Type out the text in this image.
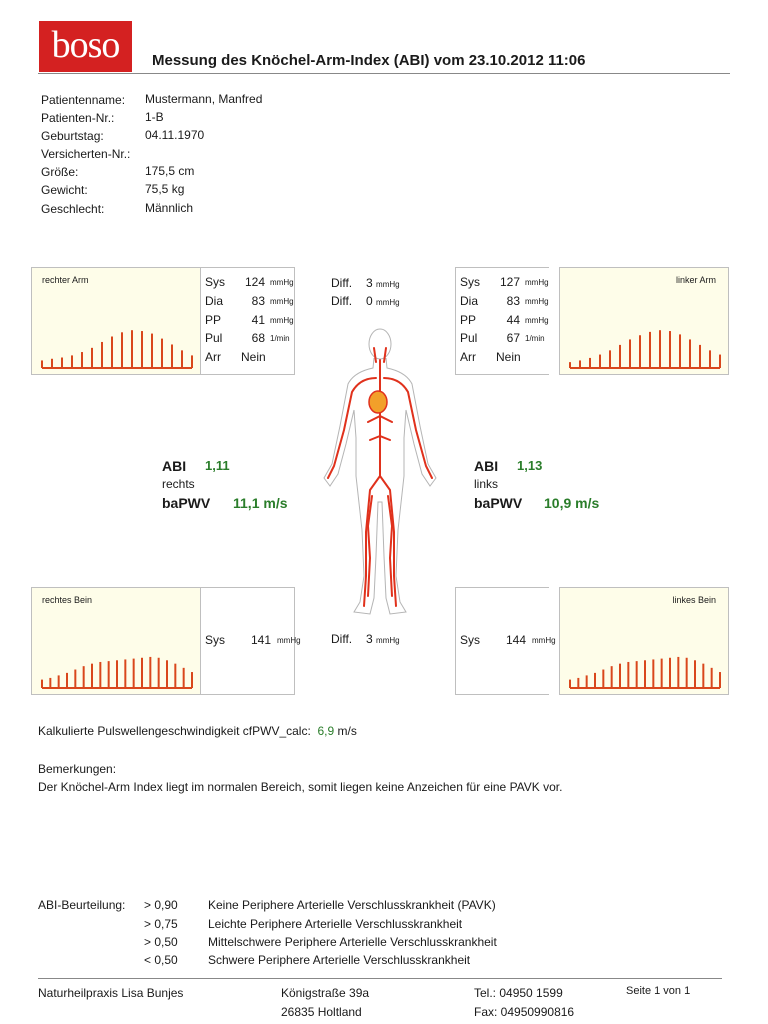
boso	Messung des Knöchel-Arm-Index (ABI) vom 23.10.2012 11:06
Patientenname: Mustermann, Manfred
Patienten-Nr.:	1-B
Geburtstag:	04.11.1970
Versicherten-Nr.:
Größe:	175,5 cm
Gewicht:	75,5 kg
Geschlecht:	Männlich
rechter Arm	Sys	124 mmHg
Dia	83 mmHg
PP	41 mmHg
Pul	68 1/min
Arr Nein
Sys	127 mmHg
Dia	83 mmHg
PP	44 mmHg
Pul	67 1/min
Arr Nein
linker Arm
Diff. 3 mmHg
Diff. 0 mmHg
ABI 1,11
rechts
baPWV 11,1 m/s
ABI 1,13
links
baPWV 10,9 m/s
rechtes Bein
Sys	141 mmHg	Sys	144 mmHg
linkes Bein
Diff. 3 mmHg
Kalkulierte Pulswellengeschwindigkeit cfPWV_calc: 6,9 m/s
Bemerkungen:
Der Knöchel-Arm Index liegt im normalen Bereich, somit liegen keine Anzeichen für eine PAVK vor.
ABI-Beurteilung: > 0,90	Keine Periphere Arterielle Verschlusskrankheit (PAVK)
> 0,75	Leichte Periphere Arterielle Verschlusskrankheit
> 0,50	Mittelschwere Periphere Arterielle Verschlusskrankheit
< 0,50	Schwere Periphere Arterielle Verschlusskrankheit
Naturheilpraxis Lisa Bunjes	Königstraße 39a
26835 Holtland
Tel.: 04950 1599
Fax: 04950990816
Seite 1 von 1
